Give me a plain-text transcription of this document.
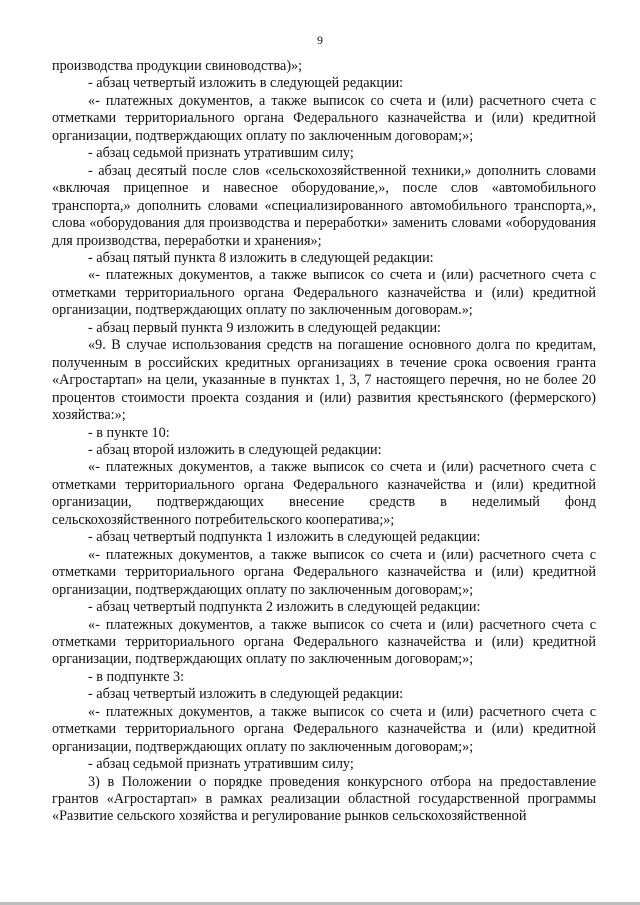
9

производства продукции свиноводства)»;

- абзац четвертый изложить в следующей редакции:

«- платежных документов, а также выписок со счета и (или) расчетного счета с отметками территориального органа Федерального казначейства и (или) кредитной организации, подтверждающих оплату по заключенным договорам;»;

- абзац седьмой признать утратившим силу;

- абзац десятый после слов «сельскохозяйственной техники,» дополнить словами «включая прицепное и навесное оборудование,», после слов «автомобильного транспорта,» дополнить словами «специализированного автомобильного транспорта,», слова «оборудования для производства и переработки» заменить словами «оборудования для производства, переработки и хранения»;

- абзац пятый пункта 8 изложить в следующей редакции:

«- платежных документов, а также выписок со счета и (или) расчетного счета с отметками территориального органа Федерального казначейства и (или) кредитной организации, подтверждающих оплату по заключенным договорам.»;

- абзац первый пункта 9 изложить в следующей редакции:

«9. В случае использования средств на погашение основного долга по кредитам, полученным в российских кредитных организациях в течение срока освоения гранта «Агростартап» на цели, указанные в пунктах 1, 3, 7 настоящего перечня, но не более 20 процентов стоимости проекта создания и (или) развития крестьянского (фермерского) хозяйства:»;

- в пункте 10:

- абзац второй изложить в следующей редакции:

«- платежных документов, а также выписок со счета и (или) расчетного счета с отметками территориального органа Федерального казначейства и (или) кредитной организации, подтверждающих внесение средств в неделимый фонд сельскохозяйственного потребительского кооператива;»;

- абзац четвертый подпункта 1 изложить в следующей редакции:

«- платежных документов, а также выписок со счета и (или) расчетного счета с отметками территориального органа Федерального казначейства и (или) кредитной организации, подтверждающих оплату по заключенным договорам;»;

- абзац четвертый подпункта 2 изложить в следующей редакции:

«- платежных документов, а также выписок со счета и (или) расчетного счета с отметками территориального органа Федерального казначейства и (или) кредитной организации, подтверждающих оплату по заключенным договорам;»;

- в подпункте 3:

- абзац четвертый изложить в следующей редакции:

«- платежных документов, а также выписок со счета и (или) расчетного счета с отметками территориального органа Федерального казначейства и (или) кредитной организации, подтверждающих оплату по заключенным договорам;»;

- абзац седьмой признать утратившим силу;

3) в Положении о порядке проведения конкурсного отбора на предоставление грантов «Агростартап» в рамках реализации областной государственной программы «Развитие сельского хозяйства и регулирование рынков сельскохозяйственной
